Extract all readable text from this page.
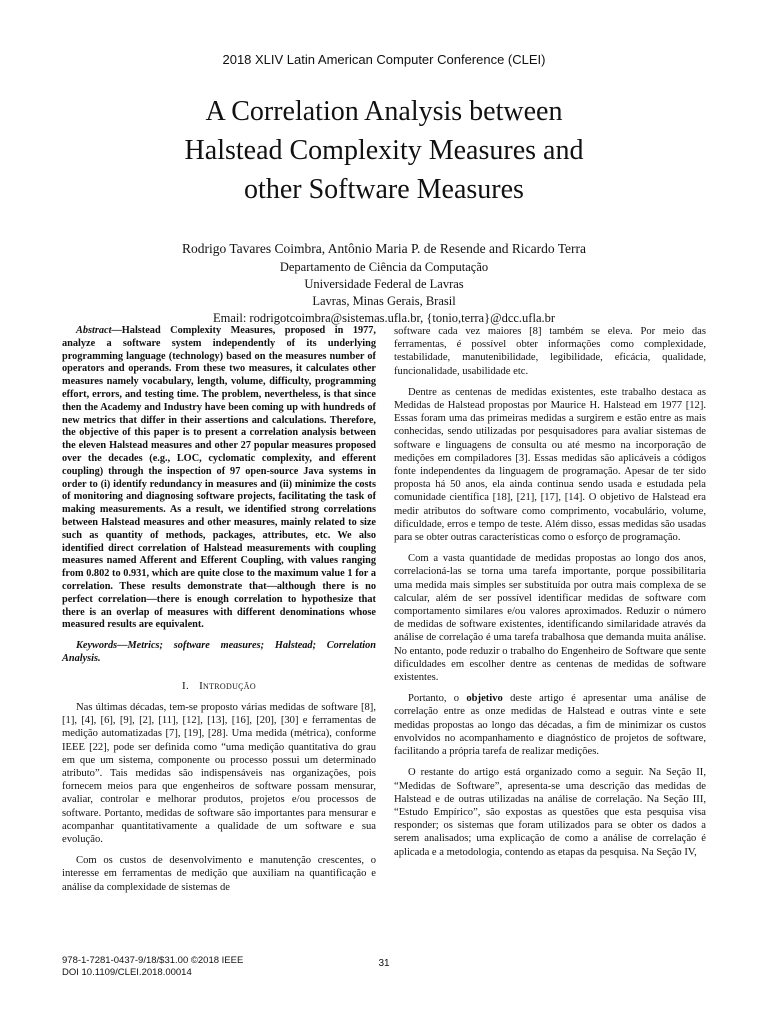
2018 XLIV Latin American Computer Conference (CLEI)
A Correlation Analysis between
Halstead Complexity Measures and
other Software Measures
Rodrigo Tavares Coimbra, Antônio Maria P. de Resende and Ricardo Terra
Departamento de Ciência da Computação
Universidade Federal de Lavras
Lavras, Minas Gerais, Brasil
Email: rodrigotcoimbra@sistemas.ufla.br, {tonio,terra}@dcc.ufla.br

Abstract—Halstead Complexity Measures, proposed in 1977, analyze a software system independently of its underlying programming language (technology) based on the measures number of operators and operands. From these two measures, it calculates other measures namely vocabulary, length, volume, difficulty, programming effort, errors, and testing time. The problem, nevertheless, is that since then the Academy and Industry have been coming up with hundreds of new metrics that differ in their assertions and calculations. Therefore, the objective of this paper is to present a correlation analysis between the eleven Halstead measures and other 27 popular measures proposed over the decades (e.g., LOC, cyclomatic complexity, and efferent coupling) through the inspection of 97 open-source Java systems in order to (i) identify redundancy in measures and (ii) minimize the costs of monitoring and diagnosing software projects, facilitating the task of making measurements. As a result, we identified strong correlations between Halstead measures and other measures, mainly related to size such as quantity of methods, packages, attributes, etc. We also identified direct correlation of Halstead measurements with coupling measures named Afferent and Efferent Coupling, with values ranging from 0.802 to 0.931, which are quite close to the maximum value 1 for a correlation. These results demonstrate that—although there is no perfect correlation—there is enough correlation to hypothesize that there is an overlap of measures with different denominations whose measured results are equivalent.

Keywords—Metrics; software measures; Halstead; Correlation Analysis.

I. Introdução

Nas últimas décadas, tem-se proposto várias medidas de software [8], [1], [4], [6], [9], [2], [11], [12], [13], [16], [20], [30] e ferramentas de medição automatizadas [7], [19], [28]. Uma medida (métrica), conforme IEEE [22], pode ser definida como “uma medição quantitativa do grau em que um sistema, componente ou processo possui um determinado atributo”. Tais medidas são indispensáveis nas organizações, pois fornecem meios para que engenheiros de software possam mensurar, avaliar, controlar e melhorar produtos, projetos e/ou processos de software. Portanto, medidas de software são importantes para mensurar e acompanhar quantitativamente a qualidade de um software e sua evolução.

Com os custos de desenvolvimento e manutenção crescentes, o interesse em ferramentas de medição que auxiliam na quantificação e análise da complexidade de sistemas de

software cada vez maiores [8] também se eleva. Por meio das ferramentas, é possível obter informações como complexidade, testabilidade, manutenibilidade, legibilidade, eficácia, qualidade, funcionalidade, usabilidade etc.

Dentre as centenas de medidas existentes, este trabalho destaca as Medidas de Halstead propostas por Maurice H. Halstead em 1977 [12]. Essas foram uma das primeiras medidas a surgirem e estão entre as mais conhecidas, sendo utilizadas por pesquisadores para avaliar sistemas de software e linguagens de consulta ou até mesmo na incorporação de medições em compiladores [3]. Essas medidas são aplicáveis a códigos fonte independentes da linguagem de programação. Apesar de ter sido proposta há 50 anos, ela ainda continua sendo usada e estudada pela comunidade científica [18], [21], [17], [14]. O objetivo de Halstead era medir atributos do software como comprimento, vocabulário, volume, dificuldade, erros e tempo de teste. Além disso, essas medidas são usadas para se obter outras características como o esforço de programação.

Com a vasta quantidade de medidas propostas ao longo dos anos, correlacioná-las se torna uma tarefa importante, porque possibilitaria uma medida mais simples ser substituída por outra mais complexa de se calcular, além de ser possível identificar medidas de software com comportamento similares e/ou valores aproximados. Reduzir o número de medidas de software existentes, identificando similaridade através da análise de correlação é uma tarefa trabalhosa que demanda muita análise. No entanto, pode reduzir o trabalho do Engenheiro de Software que sente dificuldades em escolher dentre as centenas de medidas de software existentes.

Portanto, o objetivo deste artigo é apresentar uma análise de correlação entre as onze medidas de Halstead e outras vinte e sete medidas propostas ao longo das décadas, a fim de minimizar os custos envolvidos no acompanhamento e diagnóstico de projetos de software, facilitando a própria tarefa de realizar medições.

O restante do artigo está organizado como a seguir. Na Seção II, “Medidas de Software”, apresenta-se uma descrição das medidas de Halstead e de outras utilizadas na análise de correlação. Na Seção III, “Estudo Empírico”, são expostas as questões que esta pesquisa visa responder; os sistemas que foram utilizados para se obter os dados a serem analisados; uma explicação de como a análise de correlação é aplicada e a metodologia, contendo as etapas da pesquisa. Na Seção IV,

978-1-7281-0437-9/18/$31.00 ©2018 IEEE
DOI 10.1109/CLEI.2018.00014
31
